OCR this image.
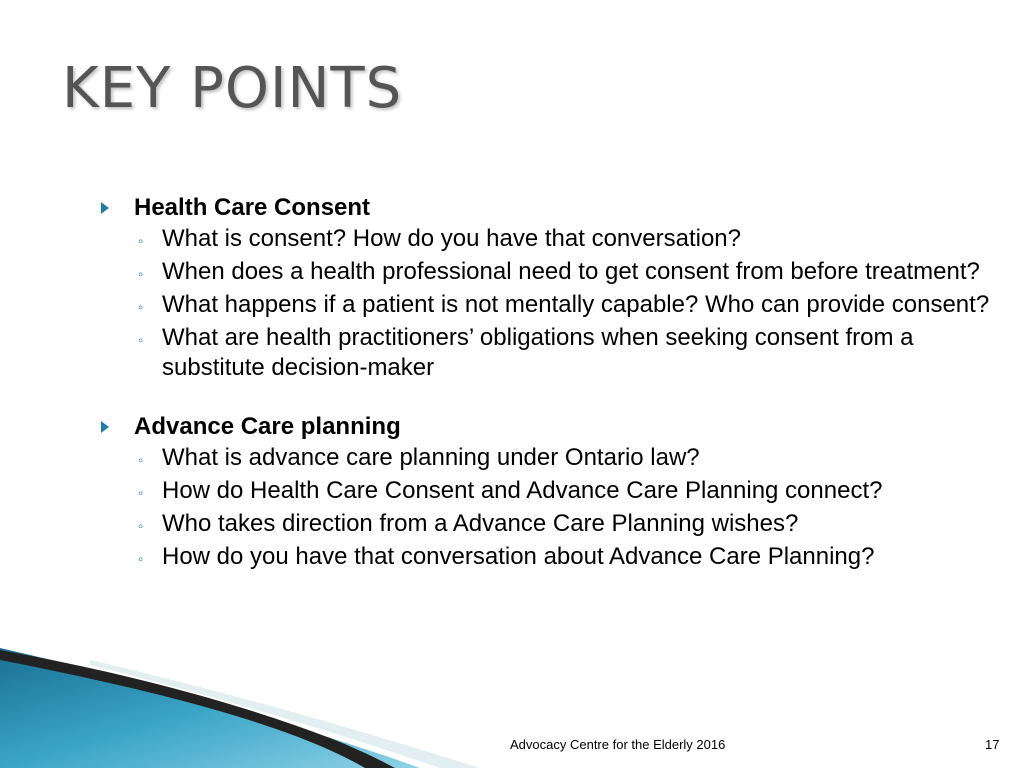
KEY POINTS
Health Care Consent
◦ What is consent? How do you have that conversation?
◦ When does a health professional need to get consent from before treatment?
◦ What happens if a patient is not mentally capable? Who can provide consent?
◦ What are health practitioners’ obligations when seeking consent from a substitute decision-maker
Advance Care planning
◦ What is advance care planning under Ontario law?
◦ How do Health Care Consent and Advance Care Planning connect?
◦ Who takes direction from a Advance Care Planning wishes?
◦ How do you have that conversation about Advance Care Planning?
Advocacy Centre for the Elderly 2016	17
